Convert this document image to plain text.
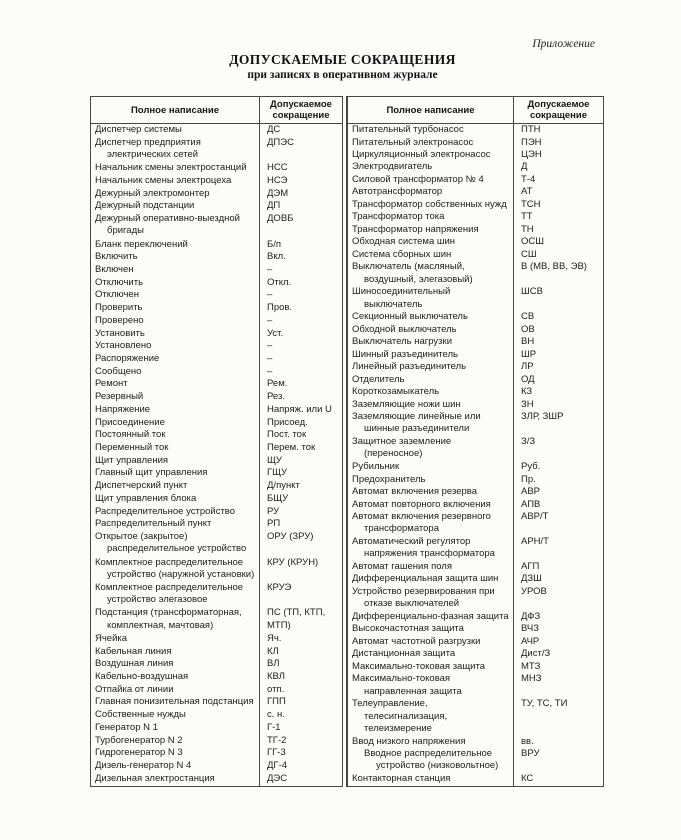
Приложение
ДОПУСКАЕМЫЕ СОКРАЩЕНИЯ
при записях в оперативном журнале
Полное написание	Допускаемое сокращение
Диспетчер системы	ДС
Диспетчер предприятия электрических сетей	ДПЭС
Начальник смены электростанций	НСС
Начальник смены электроцеха	НСЭ
Дежурный электромонтер	ДЭМ
Дежурный подстанции	ДП
Дежурный оперативно-выездной бригады	ДОВБ
Бланк переключений	Б/п
Включить	Вкл.
Включен	–
Отключить	Откл.
Отключен	–
Проверить	Пров.
Проверено	–
Установить	Уст.
Установлено	–
Распоряжение	–
Сообщено	–
Ремонт	Рем.
Резервный	Рез.
Напряжение	Напряж. или U
Присоединение	Присоед.
Постоянный ток	Пост. ток
Переменный ток	Перем. ток
Щит управления	ЩУ
Главный щит управления	ГЩУ
Диспетчерский пункт	Д/пункт
Щит управления блока	БЩУ
Распределительное устройство	РУ
Распределительный пункт	РП
Открытое (закрытое) распределительное устройство	ОРУ (ЗРУ)
Комплектное распределительное устройство (наружной установки)	КРУ (КРУН)
Комплектное распределительное устройство элегазовое	КРУЭ
Подстанция (трансформаторная, комплектная, мачтовая)	ПС (ТП, КТП, МТП)
Ячейка	Яч.
Кабельная линия	КЛ
Воздушная линия	ВЛ
Кабельно-воздушная	КВЛ
Отпайка от линии	отп.
Главная понизительная подстанция	ГПП
Собственные нужды	с. н.
Генератор N 1	Г-1
Турбогенератор N 2	ТГ-2
Гидрогенератор N 3	ГГ-3
Дизель-генератор N 4	ДГ-4
Дизельная электростанция	ДЭС
Полное написание	Допускаемое сокращение
Питательный турбонасос	ПТН
Питательный электронасос	ПЭН
Циркуляционный электронасос	ЦЭН
Электродвигатель	Д
Силовой трансформатор № 4	Т-4
Автотрансформатор	АТ
Трансформатор собственных нужд	ТСН
Трансформатор тока	ТТ
Трансформатор напряжения	ТН
Обходная система шин	ОСШ
Система сборных шин	СШ
Выключатель (масляный, воздушный, элегазовый)	В (МВ, ВВ, ЭВ)
Шиносоединительный выключатель	ШСВ
Секционный выключатель	СВ
Обходной выключатель	ОВ
Выключатель нагрузки	ВН
Шинный разъединитель	ШР
Линейный разъединитель	ЛР
Отделитель	ОД
Короткозамыкатель	КЗ
Заземляющие ножи шин	ЗН
Заземляющие линейные или шинные разъединители	ЗЛР, ЗШР
Защитное заземление (переносное)	З/З
Рубильник	Руб.
Предохранитель	Пр.
Автомат включения резерва	АВР
Автомат повторного включения	АПВ
Автомат включения резервного трансформатора	АВР/Т
Автоматический регулятор напряжения трансформатора	АРН/Т
Автомат гашения поля	АГП
Дифференциальная защита шин	ДЗШ
Устройство резервирования при отказе выключателей	УРОВ
Дифференциально-фазная защита	ДФЗ
Высокочастотная защита	ВЧЗ
Автомат частотной разгрузки	АЧР
Дистанционная защита	Дист/З
Максимально-токовая защита	МТЗ
Максимально-токовая направленная защита	МНЗ
Телеуправление, телесигнализация, телеизмерение	ТУ, ТС, ТИ
Ввод низкого напряжения	вв.
Вводное распределительное устройство (низковольтное)	ВРУ
Контакторная станция	КС
